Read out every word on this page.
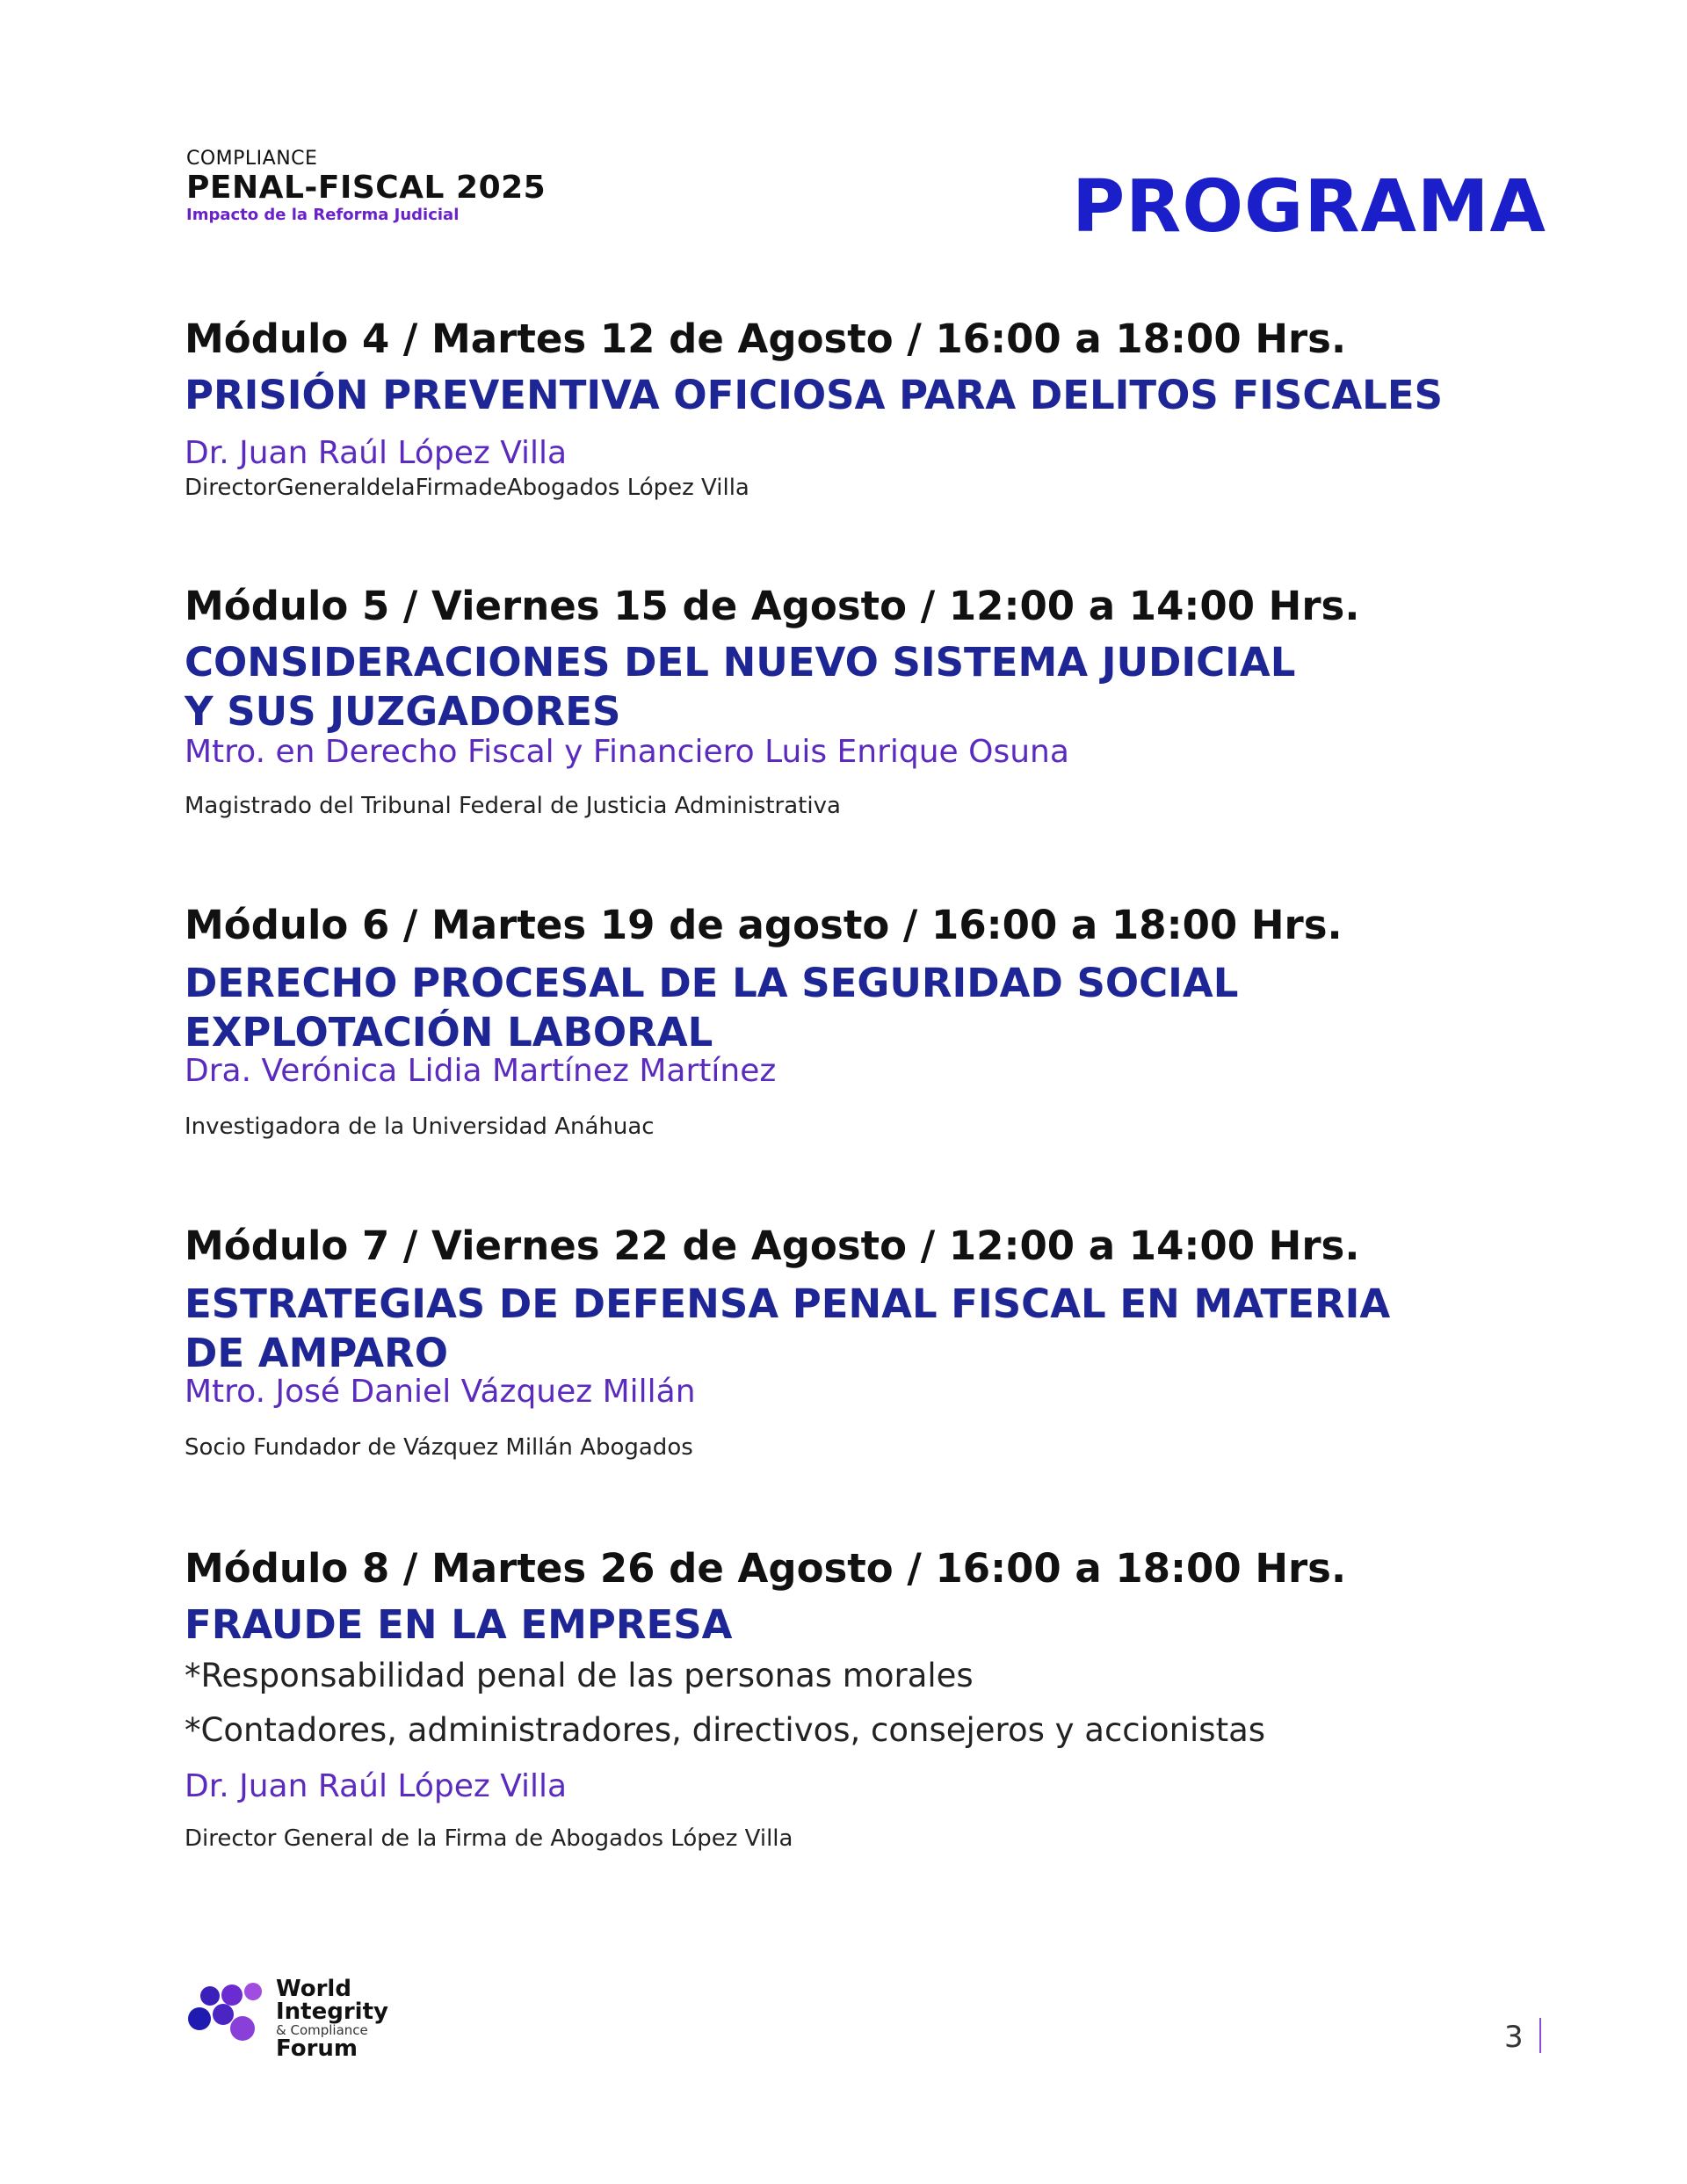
COMPLIANCE
PENAL-FISCAL 2025
Impacto de la Reforma Judicial	PROGRAMA
Módulo 4 / Martes 12 de Agosto / 16:00 a 18:00 Hrs.
PRISIÓN PREVENTIVA OFICIOSA PARA DELITOS FISCALES
Dr. Juan Raúl López Villa
DirectorGeneraldelaFirmadeAbogados López Villa
Módulo 5 / Viernes 15 de Agosto / 12:00 a 14:00 Hrs.
CONSIDERACIONES DEL NUEVO SISTEMA JUDICIAL
Y SUS JUZGADORES
Mtro. en Derecho Fiscal y Financiero Luis Enrique Osuna
Magistrado del Tribunal Federal de Justicia Administrativa
Módulo 6 / Martes 19 de agosto / 16:00 a 18:00 Hrs.
DERECHO PROCESAL DE LA SEGURIDAD SOCIAL
EXPLOTACIÓN LABORAL
Dra. Verónica Lidia Martínez Martínez
Investigadora de la Universidad Anáhuac
Módulo 7 / Viernes 22 de Agosto / 12:00 a 14:00 Hrs.
ESTRATEGIAS DE DEFENSA PENAL FISCAL EN MATERIA
DE AMPARO
Mtro. José Daniel Vázquez Millán
Socio Fundador de Vázquez Millán Abogados
Módulo 8 / Martes 26 de Agosto / 16:00 a 18:00 Hrs.
FRAUDE EN LA EMPRESA
*Responsabilidad penal de las personas morales
*Contadores, administradores, directivos, consejeros y accionistas
Dr. Juan Raúl López Villa
Director General de la Firma de Abogados López Villa
World
Integrity
& Compliance
Forum	3
